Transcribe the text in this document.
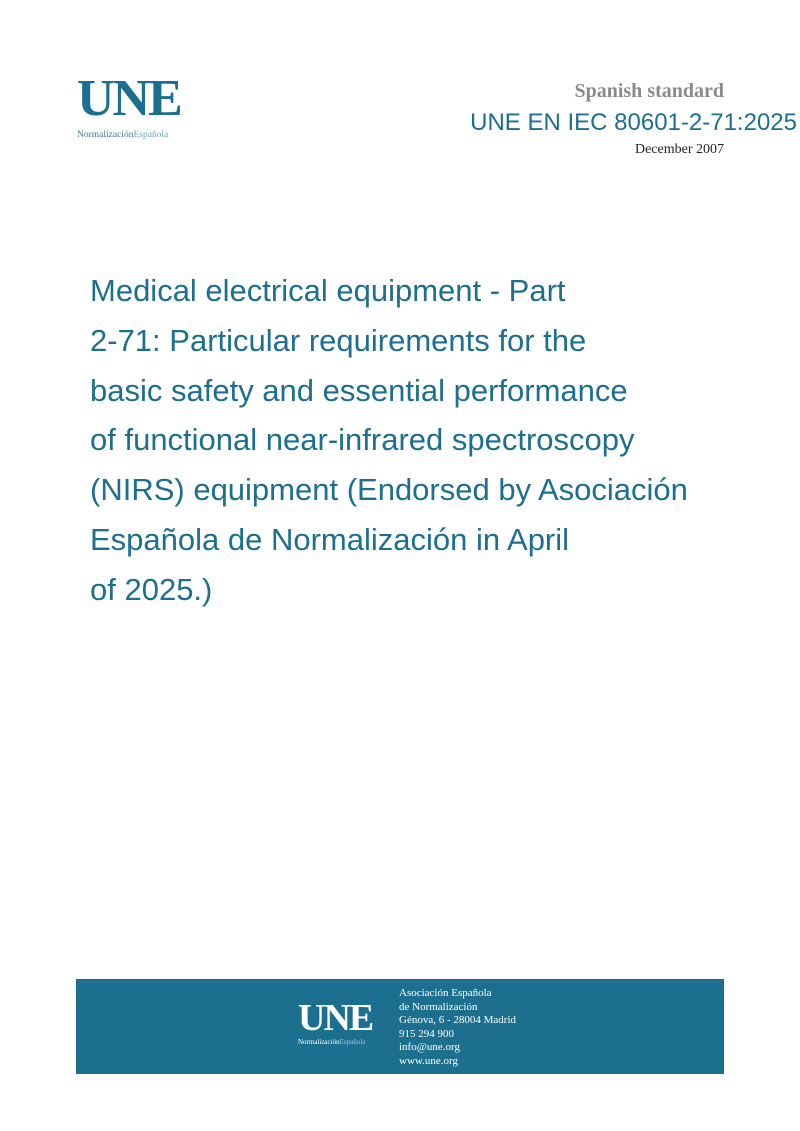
UNE
NormalizaciónEspañola
Spanish standard
UNE EN IEC 80601-2-71:2025
December 2007
Medical electrical equipment - Part
2-71: Particular requirements for the
basic safety and essential performance
of functional near-infrared spectroscopy
(NIRS) equipment (Endorsed by Asociación
Española de Normalización in April
of 2025.)
UNE
NormalizaciónEspañola
Asociación Española
de Normalización
Génova, 6 - 28004 Madrid
915 294 900
info@une.org
www.une.org
